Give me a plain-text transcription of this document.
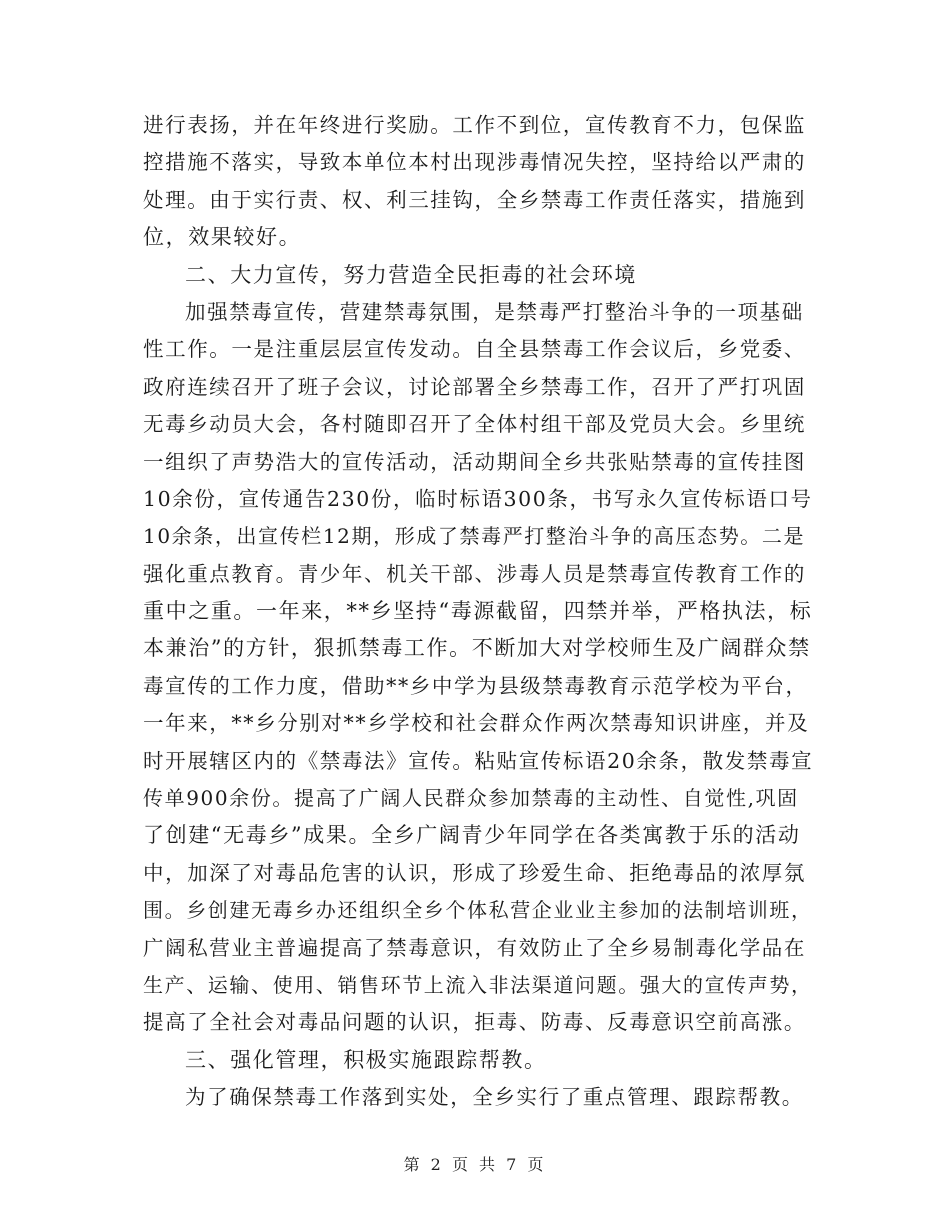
进行表扬，并在年终进行奖励。工作不到位，宣传教育不力，包保监
控措施不落实，导致本单位本村出现涉毒情况失控，坚持给以严肃的
处理。由于实行责、权、利三挂钩，全乡禁毒工作责任落实，措施到
位，效果较好。
二、大力宣传，努力营造全民拒毒的社会环境
加强禁毒宣传，营建禁毒氛围，是禁毒严打整治斗争的一项基础
性工作。一是注重层层宣传发动。自全县禁毒工作会议后，乡党委、
政府连续召开了班子会议，讨论部署全乡禁毒工作，召开了严打巩固
无毒乡动员大会，各村随即召开了全体村组干部及党员大会。乡里统
一组织了声势浩大的宣传活动，活动期间全乡共张贴禁毒的宣传挂图
10余份，宣传通告230份，临时标语300条，书写永久宣传标语口号
10余条，出宣传栏12期，形成了禁毒严打整治斗争的高压态势。二是
强化重点教育。青少年、机关干部、涉毒人员是禁毒宣传教育工作的
重中之重。一年来，**乡坚持“毒源截留，四禁并举，严格执法，标
本兼治”的方针，狠抓禁毒工作。不断加大对学校师生及广阔群众禁
毒宣传的工作力度，借助**乡中学为县级禁毒教育示范学校为平台，
一年来，**乡分别对**乡学校和社会群众作两次禁毒知识讲座，并及
时开展辖区内的《禁毒法》宣传。粘贴宣传标语20余条，散发禁毒宣
传单900余份。提高了广阔人民群众参加禁毒的主动性、自觉性,巩固
了创建“无毒乡”成果。全乡广阔青少年同学在各类寓教于乐的活动
中，加深了对毒品危害的认识，形成了珍爱生命、拒绝毒品的浓厚氛
围。乡创建无毒乡办还组织全乡个体私营企业业主参加的法制培训班，
广阔私营业主普遍提高了禁毒意识，有效防止了全乡易制毒化学品在
生产、运输、使用、销售环节上流入非法渠道问题。强大的宣传声势，
提高了全社会对毒品问题的认识，拒毒、防毒、反毒意识空前高涨。
三、强化管理，积极实施跟踪帮教。
为了确保禁毒工作落到实处，全乡实行了重点管理、跟踪帮教。
第 2 页 共 7 页
